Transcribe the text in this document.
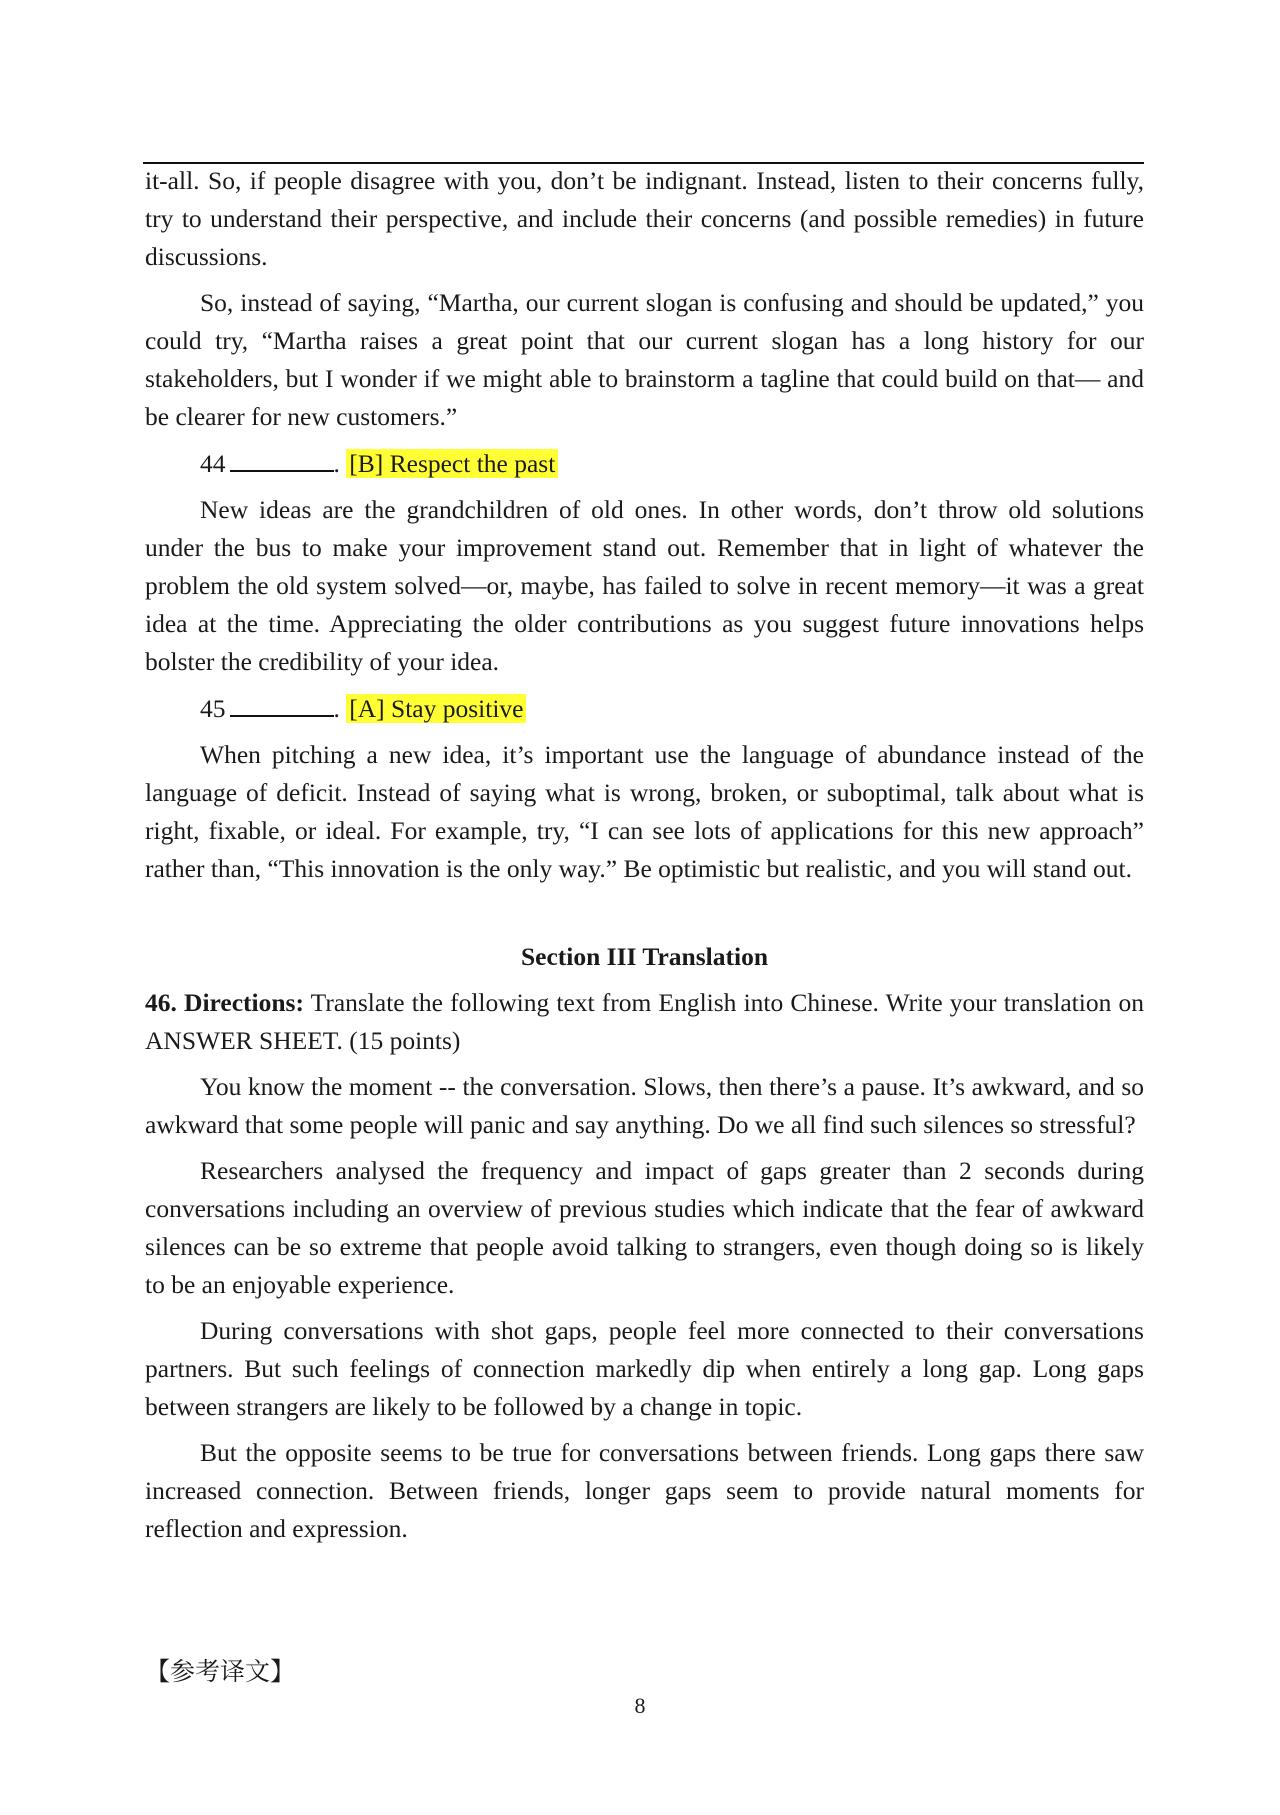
it-all. So, if people disagree with you, don’t be indignant. Instead, listen to their concerns fully, try to understand their perspective, and include their concerns (and possible remedies) in future discussions.

So, instead of saying, “Martha, our current slogan is confusing and should be updated,” you could try, “Martha raises a great point that our current slogan has a long history for our stakeholders, but I wonder if we might able to brainstorm a tagline that could build on that— and be clearer for new customers.”

44	. [B] Respect the past

New ideas are the grandchildren of old ones. In other words, don’t throw old solutions under the bus to make your improvement stand out. Remember that in light of whatever the problem the old system solved—or, maybe, has failed to solve in recent memory—it was a great idea at the time. Appreciating the older contributions as you suggest future innovations helps bolster the credibility of your idea.

45	. [A] Stay positive

When pitching a new idea, it’s important use the language of abundance instead of the language of deficit. Instead of saying what is wrong, broken, or suboptimal, talk about what is right, fixable, or ideal. For example, try, “I can see lots of applications for this new approach” rather than, “This innovation is the only way.” Be optimistic but realistic, and you will stand out.

Section III Translation

46. Directions: Translate the following text from English into Chinese. Write your translation on ANSWER SHEET. (15 points)

You know the moment -- the conversation. Slows, then there’s a pause. It’s awkward, and so awkward that some people will panic and say anything. Do we all find such silences so stressful?

Researchers analysed the frequency and impact of gaps greater than 2 seconds during conversations including an overview of previous studies which indicate that the fear of awkward silences can be so extreme that people avoid talking to strangers, even though doing so is likely to be an enjoyable experience.

During conversations with shot gaps, people feel more connected to their conversations partners. But such feelings of connection markedly dip when entirely a long gap. Long gaps between strangers are likely to be followed by a change in topic.

But the opposite seems to be true for conversations between friends. Long gaps there saw increased connection. Between friends, longer gaps seem to provide natural moments for reflection and expression.

【参考译文】
8
